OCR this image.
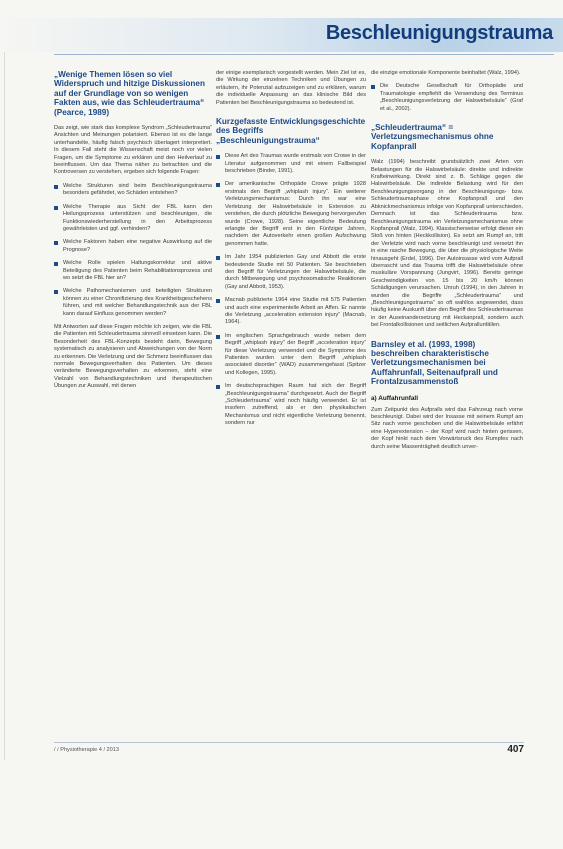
Beschleunigungstrauma
„Wenige Themen lösen so viel Widerspruch und hitzige Diskussionen auf der Grundlage von so wenigen Fakten aus, wie das Schleudertrauma“ (Pearce, 1989)

Das zeigt, wie stark das komplexe Syndrom „Schleudertrauma“ Ansichten und Meinungen polarisiert. Ebenso ist es die lange unterhandelte, häufig falsch psychisch überlagert interpretiert. In diesem Fall steht die Wissenschaft meist noch vor vielen Fragen, um die Symptome zu erklären und den Heilverlauf zu beeinflussen. Um das Thema näher zu betrachten und die Kontroversen zu verstehen, ergeben sich folgende Fragen:

Welche Strukturen sind beim Beschleunigungstrauma besonders gefährdet, wo Schäden entstehen?
Welche Therapie aus Sicht der FBL kann den Heilungsprozess unterstützen und beschleunigen, die Funktionswiederherstellung in den Arbeitsprozess gewährleisten und ggf. verhindern?
Welche Faktoren haben eine negative Auswirkung auf die Prognose?
Welche Rolle spielen Haltungskorrektur und aktive Beteiligung des Patienten beim Rehabilitationsprozess und wo setzt die FBL hier an?
Welche Pathomechanismen und beteiligten Strukturen können zu einer Chronifizierung des Krankheitsgeschehens führen, und mit welcher Behandlungstechnik aus der FBL kann darauf Einfluss genommen werden?

Mit Antworten auf diese Fragen möchte ich zeigen, wie die FBL die Patienten mit Schleudertrauma sinnvoll einsetzen kann. Die Besonderheit des FBL-Konzepts besteht darin, Bewegung systematisch zu analysieren und Abweichungen von der Norm zu erkennen. Die Verletzung und der Schmerz beeinflussen das normale Bewegungsverhalten des Patienten. Um dieses veränderte Bewegungsverhalten zu erkennen, steht eine Vielzahl von Behandlungstechniken und therapeutischen Übungen zur Auswahl, mit denen

der einige exemplarisch vorgestellt werden. Mein Ziel ist es, die Wirkung der einzelnen Techniken und Übungen zu erläutern, ihr Potenzial aufzuzeigen und zu erklären, warum die individuelle Anpassung an das klinische Bild des Patienten bei Beschleunigungstrauma so bedeutend ist.

Kurzgefasste Entwicklungsgeschichte des Begriffs „Beschleunigungstrauma“
Diese Art des Traumas wurde erstmals von Crowe in der Literatur aufgenommen und mit einem Fallbeispiel beschrieben (Binder, 1991).
Der amerikanische Orthopäde Crowe prägte 1928 erstmals den Begriff „whiplash injury“. Ein weiterer Verletzungsmechanismus: Durch ihn war eine Verletzung der Halswirbelsäule in Extension zu verstehen, die durch plötzliche Bewegung hervorgerufen wurde (Crowe, 1928). Seine eigentliche Bedeutung erlangte der Begriff erst in den Fünfziger Jahren, nachdem der Autoverkehr einen großen Aufschwung genommen hatte.
Im Jahr 1954 publizierten Gay und Abbott die erste bedeutende Studie mit 50 Patienten. Sie beschrieben den Begriff für Verletzungen der Halswirbelsäule, die durch Mitbewegung und psychosomatische Reaktionen (Gay and Abbott, 1953).
Macnab publizierte 1964 eine Studie mit 575 Patienten und auch eine experimentelle Arbeit an Affen. Er nannte die Verletzung „acceleration extension injury“ (Macnab, 1964).
Im englischen Sprachgebrauch wurde neben dem Begriff „whiplash injury“ der Begriff „acceleration injury“ für diese Verletzung verwendet und die Symptome des Patienten wurden unter dem Begriff „whiplash associated disorder“ (WAD) zusammengefasst (Spitzer und Kollegen, 1995).
Im deutschsprachigen Raum hat sich der Begriff „Beschleunigungstrauma“ durchgesetzt. Auch der Begriff „Schleudertrauma“ wird noch häufig verwendet. Er ist insofern zutreffend, als er den physikalischen Mechanismus und nicht eigentliche Verletzung benennt, sondern nur

die einzige emotionale Komponente beinhaltet (Walz, 1994).

Die Deutsche Gesellschaft für Orthopädie und Traumatologie empfiehlt die Verwendung des Terminus „Beschleunigungsverletzung der Halswirbelsäule“ (Graf et al., 2002).
„Schleudertrauma“ = Verletzungsmechanismus ohne Kopfanprall

Walz (1994) beschreibt grundsätzlich zwei Arten von Belastungen für die Halswirbelsäule: direkte und indirekte Krafteinwirkung. Direkt sind z. B. Schläge gegen die Halswirbelsäule. Die indirekte Belastung wird für den Beschleunigungsvorgang in der Beschleunigungs- bzw. Schleudertraumaphase ohne Kopfanprall und den Abknickmechanismus infolge von Kopfanprall unterschieden. Demnach ist das Schleudertrauma bzw. Beschleunigungstrauma ein Verletzungsmechanismus ohne Kopfanprall (Walz, 1994). Klassischerweise erfolgt dieser ein Stoß von hinten (Heckkollision). Es setzt am Rumpf an, tritt der Verletzte wird nach vorne beschleunigt und versetzt ihn in eine rasche Bewegung, die über die physiologische Weite hinausgeht (Erdel, 1996). Der Autoinsasse wird vom Aufprall überrascht und das Trauma trifft die Halswirbelsäule ohne muskuläre Vorspannung (Jungvirt, 1996). Bereits geringe Geschwindigkeiten von 15 bis 20 km/h können Schädigungen verursachen. Unruh (1994), in den Jahren in wurden die Begriffe „Schleudertrauma“ und „Beschleunigungstrauma“ so oft wahllos angewendet, dass häufig keine Auskunft über den Begriff des Schleudertraumas in der Auseinandersetzung mit Heckanprall, sondern auch bei Frontalkollisionen und seitlichen Aufprallunfällen.

Barnsley et al. (1993, 1998) beschreiben charakteristische Verletzungsmechanismen bei Auffahrunfall, Seitenaufprall und Frontalzusammenstoß
a) Auffahrunfall

Zum Zeitpunkt des Aufpralls wird das Fahrzeug nach vorne beschleunigt. Dabei wird der Insasse mit seinem Rumpf am Sitz nach vorne geschoben und die Halswirbelsäule erfährt eine Hyperextension – der Kopf wird nach hinten gerissen, der Kopf hinkt nach dem Vorwärtsruck des Rumpfes nach durch seine Massenträgheit deutlich unver-

/ / Physiotherapie 4 / 2013	407
